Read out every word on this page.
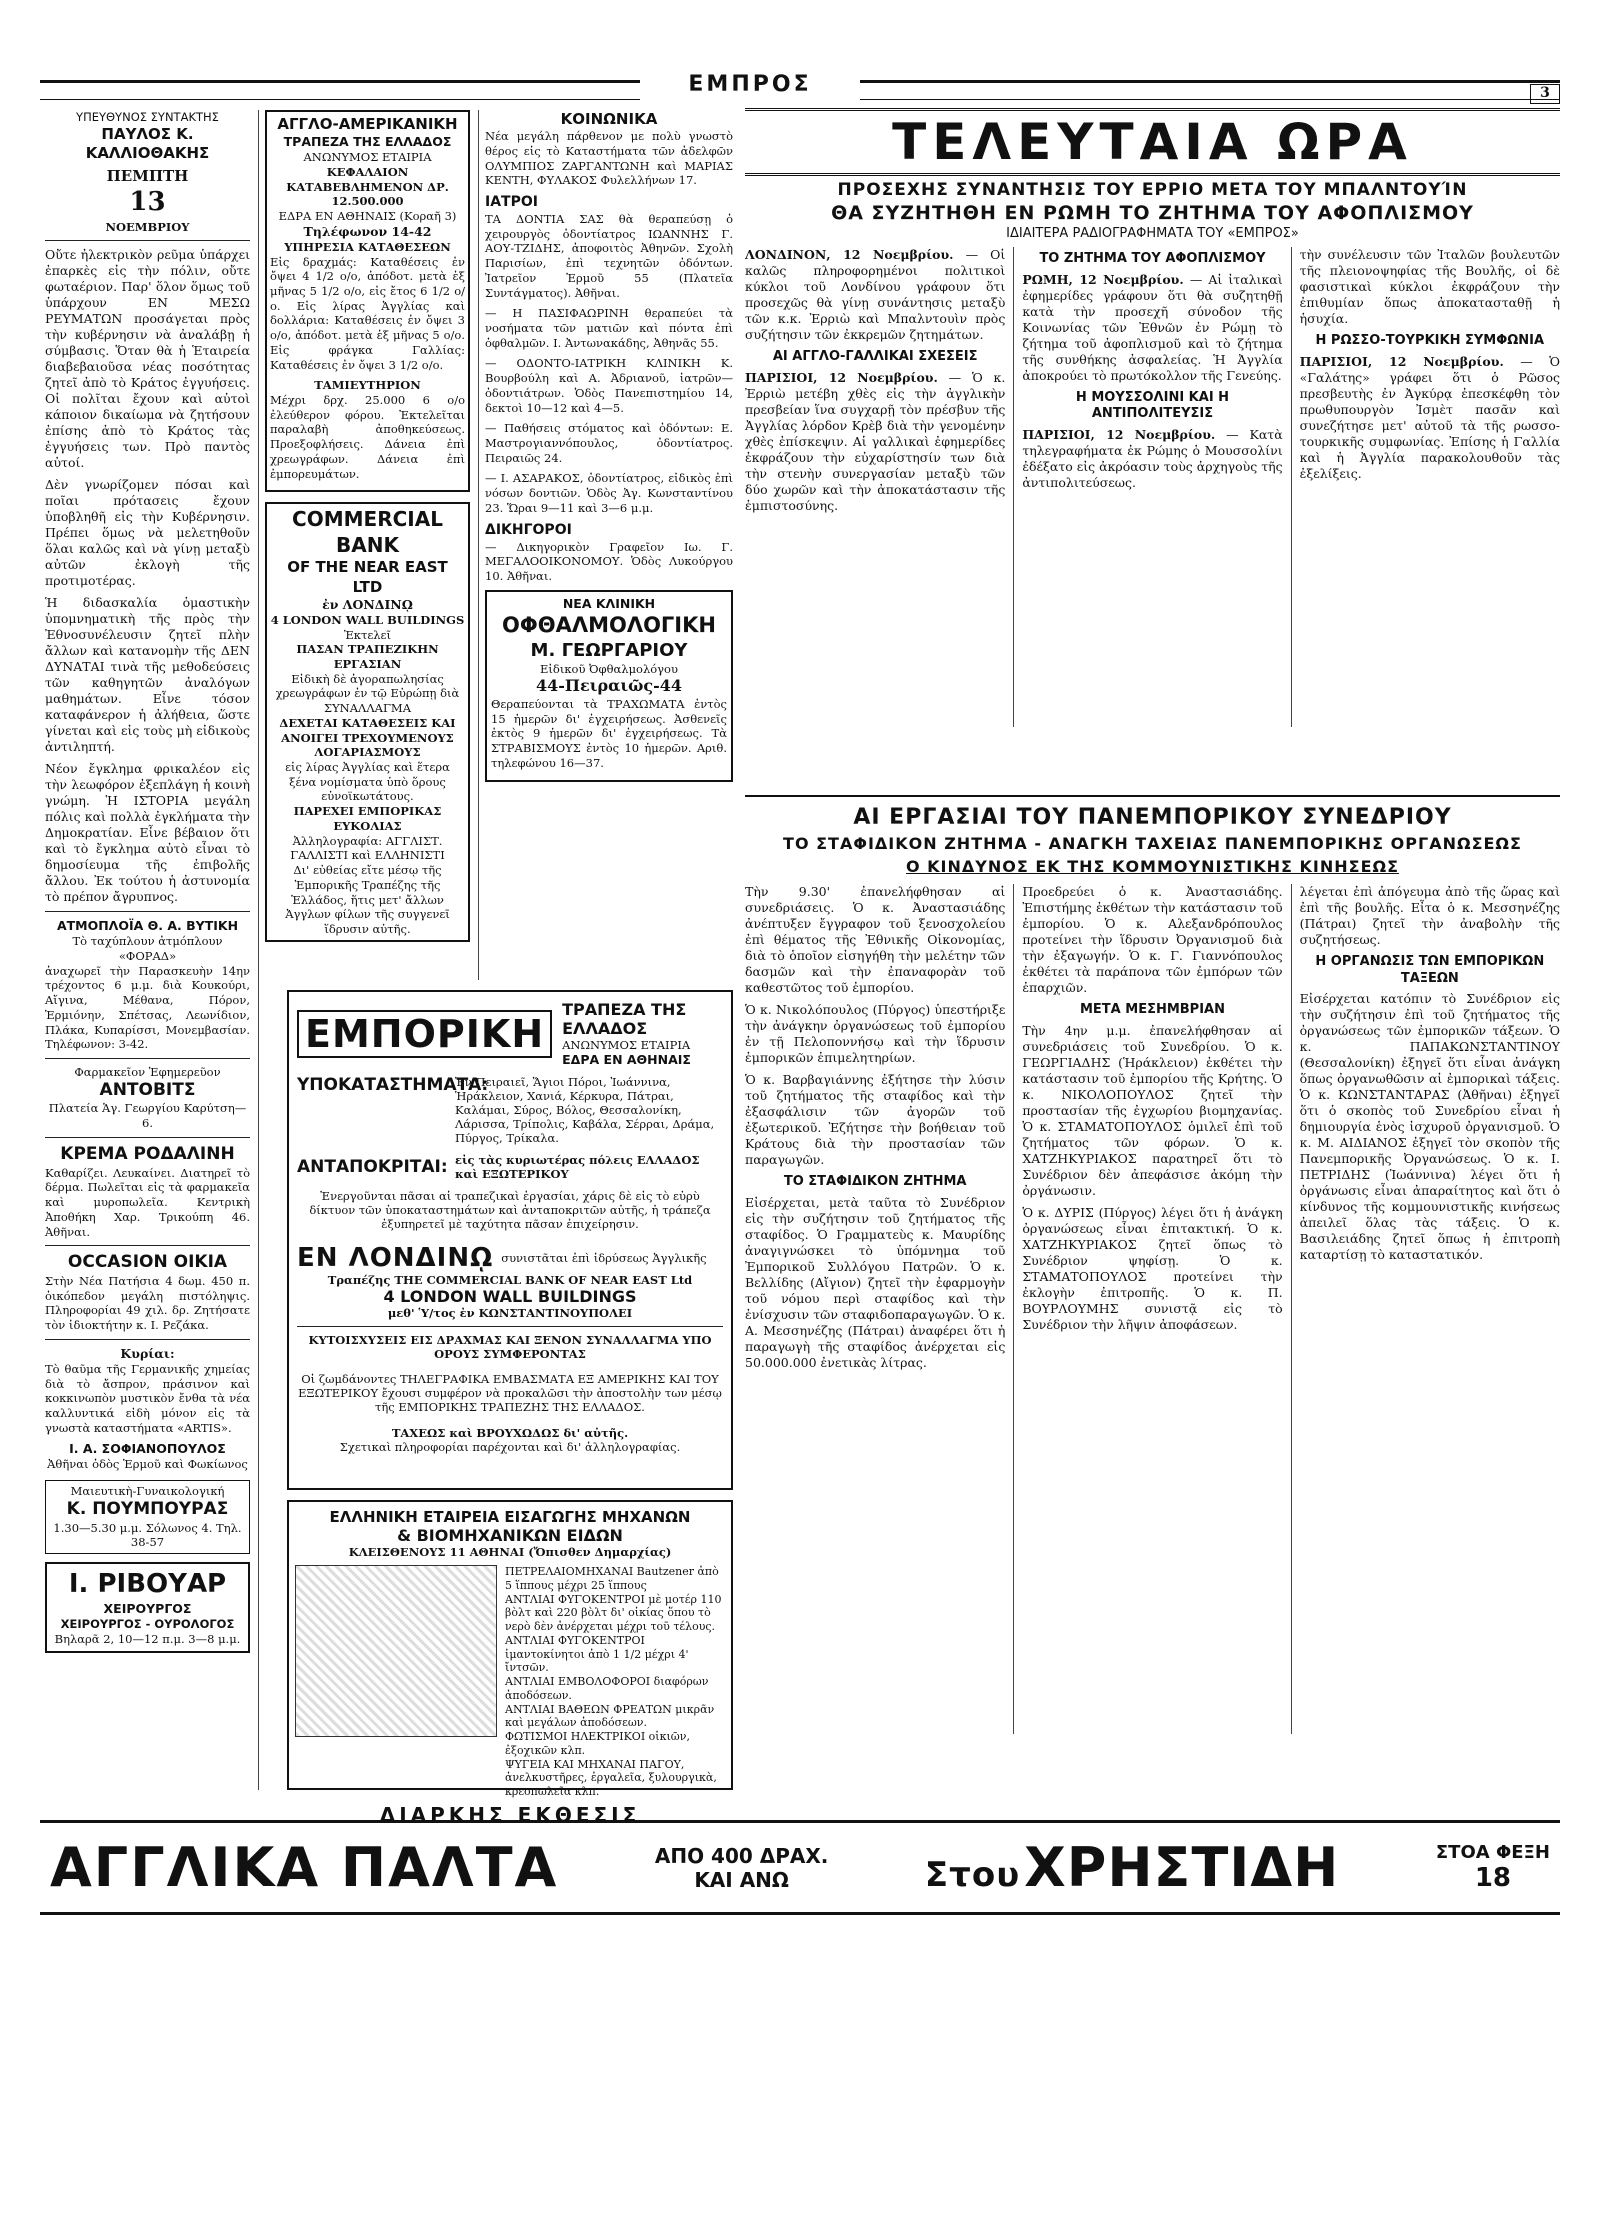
ΕΜΠΡΟΣ	3
ΥΠΕΥΘΥΝΟΣ ΣΥΝΤΑΚΤΗΣ
ΠΑΥΛΟΣ Κ. ΚΑΛΛΙΟΘΑΚΗΣ
ΠΕΜΠΤΗ
13
ΝΟΕΜΒΡΙΟΥ

Οὔτε ἠλεκτρικὸν ρεῦμα ὑπάρχει ἐπαρκὲς εἰς τὴν πόλιν, οὔτε φωταέριον. Παρ' ὅλον ὅμως τοῦ ὑπάρχουν ΕΝ ΜΕΣΩ ΡΕΥΜΑΤΩΝ προσάγεται πρὸς τὴν κυβέρνησιν νὰ ἀναλάβῃ ἡ σύμβασις. Ὅταν θὰ ἡ Ἑταιρεία διαβεβαιοῦσα νέας ποσότητας ζητεῖ ἀπὸ τὸ Κράτος ἐγγυήσεις. Οἱ πολῖται ἔχουν καὶ αὐτοὶ κάποιον δικαίωμα νὰ ζητήσουν ἐπίσης ἀπὸ τὸ Κράτος τὰς ἐγγυήσεις των. Πρὸ παντὸς αὐτοί.

Δὲν γνωρίζομεν πόσαι καὶ ποῖαι πρότασεις ἔχουν ὑποβληθῆ εἰς τὴν Κυβέρνησιν. Πρέπει ὅμως νὰ μελετηθοῦν ὅλαι καλῶς καὶ νὰ γίνῃ μεταξὺ αὐτῶν ἐκλογὴ τῆς προτιμοτέρας.

Ἡ διδασκαλία ὁμαστικὴν ὑπομνηματικὴ τῆς πρὸς τὴν Ἐθνοσυνέλευσιν ζητεῖ πλὴν ἄλλων καὶ κατανομὴν τῆς ΔΕΝ ΔΥΝΑΤΑΙ τινὰ τῆς μεθοδεύσεις τῶν καθηγητῶν ἀναλόγων μαθημάτων. Εἶνε τόσον καταφάνερον ἡ ἀλήθεια, ὥστε γίνεται καὶ εἰς τοὺς μὴ εἰδικοὺς ἀντιληπτή.

Νέον ἔγκλημα φρικαλέον εἰς τὴν λεωφόρον ἐξεπλάγη ἡ κοινὴ γνώμη. Ἡ ΙΣΤΟΡΙΑ μεγάλη πόλις καὶ πολλὰ ἐγκλήματα τὴν Δημοκρατίαν. Εἶνε βέβαιον ὅτι καὶ τὸ ἔγκλημα αὐτὸ εἶναι τὸ δημοσίευμα τῆς ἐπιβολῆς ἄλλου. Ἐκ τούτου ἡ ἀστυνομία τὸ πρέπον ἄγρυπνος.

ΑΤΜΟΠΛΟΪΑ Θ. Α. ΒΥΤΙΚΗ
Τὸ ταχύπλουν ἀτμόπλουν «ΦΟΡΑΔ»

ἀναχωρεῖ τὴν Παρασκευὴν 14ην τρέχοντος 6 μ.μ. διὰ Κουκούρι, Αἴγινα, Μέθανα, Πόρον, Ἑρμιόνην, Σπέτσας, Λεωνίδιον, Πλάκα, Κυπαρίσσι, Μονεμβασίαν. Τηλέφωνον: 3-42.

Φαρμακεῖον Ἐφημερεῦον
ΑΝΤΟΒΙΤΣ
Πλατεία Ἁγ. Γεωργίου Καρύτση—6.
ΚΡΕΜΑ ΡΟΔΑΛΙΝΗ

Καθαρίζει. Λευκαίνει. Διατηρεῖ τὸ δέρμα. Πωλεῖται εἰς τὰ φαρμακεῖα καὶ μυροπωλεῖα. Κεντρικὴ Ἀποθήκη Χαρ. Τρικούπη 46. Ἀθῆναι.

OCCASION ΟΙΚΙΑ

Στὴν Νέα Πατήσια 4 δωμ. 450 π. ὀικόπεδον μεγάλη πιστόληψις. Πληροφορίαι 49 χιλ. δρ. Ζητήσατε τὸν ἰδιοκτήτην κ. Ι. Ρεζάκα.

Κυρίαι:

Τὸ θαῦμα τῆς Γερμανικῆς χημείας διὰ τὸ ἄσπρον, πράσινον καὶ κοκκινωπὸν μυστικὸν ἔνθα τὰ νέα καλλυντικά εἰδὴ μόνον εἰς τὰ γνωστὰ καταστήματα «ARTIS».

Ι. Α. ΣΟΦΙΑΝΟΠΟΥΛΟΣ
Ἀθῆναι ὁδὸς Ἑρμοῦ καὶ Φωκίωνος
Μαιευτικὴ-Γυναικολογική
Κ. ΠΟΥΜΠΟΥΡΑΣ
1.30—5.30 μ.μ. Σόλωνος 4. Τηλ. 38-57
Ι. ΡΙΒΟΥΑΡ
ΧΕΙΡΟΥΡΓΟΣ
ΧΕΙΡΟΥΡΓΟΣ - ΟΥΡΟΛΟΓΟΣ
Βηλαρᾶ 2, 10—12 π.μ. 3—8 μ.μ.
ΑΓΓΛΟ-ΑΜΕΡΙΚΑΝΙΚΗ
ΤΡΑΠΕΖΑ ΤΗΣ ΕΛΛΑΔΟΣ
ΑΝΩΝΥΜΟΣ ΕΤΑΙΡΙΑ
ΚΕΦΑΛΑΙΟΝ ΚΑΤΑΒΕΒΛΗΜΕΝΟΝ ΔΡ. 12.500.000
ΕΔΡΑ ΕΝ ΑΘΗΝΑΙΣ (Κοραῆ 3)
Τηλέφωνον 14-42
ΥΠΗΡΕΣΙΑ ΚΑΤΑΘΕΣΕΩΝ

Εἰς δραχμάς: Καταθέσεις ἐν ὄψει 4 1/2 ο/ο, ἀπόδοτ. μετὰ ἑξ μῆνας 5 1/2 ο/ο, εἰς ἔτος 6 1/2 ο/ο. Εἰς λίρας Ἀγγλίας καὶ δολλάρια: Καταθέσεις ἐν ὄψει 3 ο/ο, ἀπόδοτ. μετὰ ἑξ μῆνας 5 ο/ο. Εἰς φράγκα Γαλλίας: Καταθέσεις ἐν ὄψει 3 1/2 ο/ο.

ΤΑΜΙΕΥΤΗΡΙΟΝ

Μέχρι δρχ. 25.000 6 ο/ο ἐλεύθερον φόρου. Ἐκτελεῖται παραλαβὴ ἀποθηκεύσεως. Προεξοφλήσεις. Δάνεια ἐπὶ χρεωγράφων. Δάνεια ἐπὶ ἐμπορευμάτων.

COMMERCIAL BANK
OF THE NEAR EAST LTD
ἐν ΛΟΝΔΙΝῼ
4 LONDON WALL BUILDINGS
Ἐκτελεῖ
ΠΑΣΑΝ ΤΡΑΠΕΖΙΚΗΝ ΕΡΓΑΣΙΑΝ
Εἰδικὴ δὲ ἀγοραπωλησίας χρεωγράφων ἐν τῷ Εὐρώπῃ διὰ ΣΥΝΑΛΛΑΓΜΑ
ΔΕΧΕΤΑΙ ΚΑΤΑΘΕΣΕΙΣ ΚΑΙ ΑΝΟΙΓΕΙ ΤΡΕΧΟΥΜΕΝΟΥΣ ΛΟΓΑΡΙΑΣΜΟΥΣ
εἰς λίρας Ἀγγλίας καὶ ἕτερα ξένα νομίσματα ὑπὸ ὅρους εὐνοϊκωτάτους.
ΠΑΡΕΧΕΙ ΕΜΠΟΡΙΚΑΣ ΕΥΚΟΛΙΑΣ
Ἀλληλογραφία: ΑΓΓΛΙΣΤ. ΓΑΛΛΙΣΤΙ καὶ ΕΛΛΗΝΙΣΤΙ
Δι' εὐθείας εἴτε μέσῳ τῆς Ἐμπορικῆς Τραπέζης τῆς Ἑλλάδος, ἥτις μετ' ἄλλων Ἀγγλων φίλων τῆς συγγενεῖ ἵδρυσιν αὐτῆς.
ΚΟΙΝΩΝΙΚΑ

Νέα μεγάλη πάρθενον με πολὺ γνωστὸ θέρος εἰς τὸ Καταστήματα τῶν ἀδελφῶν ΟΛΥΜΠΙΟΣ ΖΑΡΓΑΝΤΩΝΗ καὶ ΜΑΡΙΑΣ ΚΕΝΤΗ, ΦΥΛΑΚΟΣ Φυλελλήνων 17.

ΙΑΤΡΟΙ

ΤΑ ΔΟΝΤΙΑ ΣΑΣ θὰ θεραπεύσῃ ὁ χειρουργὸς ὀδοντίατρος ΙΩΑΝΝΗΣ Γ. ΑΟΥ-ΤΖΙΔΗΣ, ἀποφοιτὸς Ἀθηνῶν. Σχολὴ Παρισίων, ἐπὶ τεχνητῶν ὀδόντων. Ἰατρεῖον Ἑρμοῦ 55 (Πλατεῖα Συντάγματος). Ἀθῆναι.

— Η ΠΑΣΙΦΑΩΡΙΝΗ θεραπεύει τὰ νοσήματα τῶν ματιῶν καὶ πόντα ἐπὶ ὀφθαλμῶν. Ι. Ἀντωνακάδης, Ἀθηνᾶς 55.

— ΟΔΟΝΤΟ-ΙΑΤΡΙΚΗ ΚΛΙΝΙΚΗ Κ. Βουρβούλη καὶ Α. Ἀδριανοῦ, ἰατρῶν—ὀδοντιάτρων. Ὁδὸς Πανεπιστημίου 14, δεκτοὶ 10—12 καὶ 4—5.

— Παθήσεις στόματος καὶ ὀδόντων: Ε. Μαστρογιαννόπουλος, ὀδοντίατρος. Πειραιῶς 24.

— Ι. ΑΣΑΡΑΚΟΣ, ὀδοντίατρος, εἰδικὸς ἐπὶ νόσων δοντιῶν. Ὁδὸς Ἀγ. Κωνσταντίνου 23. Ὥραι 9—11 καὶ 3—6 μ.μ.

ΔΙΚΗΓΟΡΟΙ

— Δικηγορικὸν Γραφεῖον Ιω. Γ. ΜΕΓΑΛΟΟΙΚΟΝΟΜΟΥ. Ὁδὸς Λυκούργου 10. Ἀθῆναι.

ΝΕΑ ΚΛΙΝΙΚΗ
ΟΦΘΑΛΜΟΛΟΓΙΚΗ
Μ. ΓΕΩΡΓΑΡΙΟΥ
Εἰδικοῦ Ὀφθαλμολόγου
44-Πειραιῶς-44

Θεραπεύονται τὰ ΤΡΑΧΩΜΑΤΑ ἐντὸς 15 ἡμερῶν δι' ἐγχειρήσεως. Ἀσθενεῖς ἐκτὸς 9 ἡμερῶν δι' ἐγχειρήσεως. Τὰ ΣΤΡΑΒΙΣΜΟΥΣ ἐντὸς 10 ἡμερῶν. Αριθ. τηλεφώνου 16—37.

ΕΜΠΟΡΙΚΗ
ΤΡΑΠΕΖΑ ΤΗΣ ΕΛΛΑΔΟΣ
ΑΝΩΝΥΜΟΣ ΕΤΑΙΡΙΑ
ΕΔΡΑ ΕΝ ΑΘΗΝΑΙΣ
ΥΠΟΚΑΤΑΣΤΗΜΑΤΑ:
Ἐν Πειραιεῖ, Ἅγιοι Πόροι, Ἰωάννινα, Ἡράκλειον, Χανιά, Κέρκυρα, Πάτραι, Καλάμαι, Σύρος, Βόλος, Θεσσαλονίκη, Λάρισσα, Τρίπολις, Καβάλα, Σέρραι, Δράμα, Πύργος, Τρίκαλα.
ΑΝΤΑΠΟΚΡΙΤΑΙ: εἰς τὰς κυριωτέρας πόλεις ΕΛΛΑΔΟΣ καὶ ΕΞΩΤΕΡΙΚΟΥ

Ἐνεργοῦνται πᾶσαι αἱ τραπεζικαὶ ἐργασίαι, χάρις δὲ εἰς τὸ εὐρὺ δίκτυον τῶν ὑποκαταστημάτων καὶ ἀνταποκριτῶν αὐτῆς, ἡ τράπεζα ἐξυπηρετεῖ μὲ ταχύτητα πᾶσαν ἐπιχείρησιν.

ΕΝ ΛΟΝΔΙΝῼ συνιστᾶται ἐπὶ ἰδρύσεως Ἀγγλικῆς
Τραπέζης THE COMMERCIAL BANK OF NEAR EAST Ltd
4 LONDON WALL BUILDINGS
μεθ' Ὑ/τος ἐν ΚΩΝΣΤΑΝΤΙΝΟΥΠΟΛΕΙ
ΚΥΤΟΙΣΧΥΣΕΙΣ ΕΙΣ ΔΡΑΧΜΑΣ ΚΑΙ ΞΕΝΟΝ ΣΥΝΑΛΛΑΓΜΑ ΥΠΟ ΟΡΟΥΣ ΣΥΜΦΕΡΟΝΤΑΣ

Οἱ ζωμδάνοντες ΤΗΛΕΓΡΑΦΙΚΑ ΕΜΒΑΣΜΑΤΑ ΕΞ ΑΜΕΡΙΚΗΣ ΚΑΙ ΤΟΥ ΕΞΩΤΕΡΙΚΟΥ ἔχουσι συμφέρον νὰ προκαλῶσι τὴν ἀποστολὴν των μέσῳ τῆς ΕΜΠΟΡΙΚΗΣ ΤΡΑΠΕΖΗΣ ΤΗΣ ΕΛΛΑΔΟΣ.

ΤΑΧΕΩΣ καὶ ΒΡΟΥΧΩΔΩΣ δι' αὐτῆς.
Σχετικαὶ πληροφορίαι παρέχονται καὶ δι' ἀλληλογραφίας.
ΕΛΛΗΝΙΚΗ ΕΤΑΙΡΕΙΑ ΕΙΣΑΓΩΓΗΣ ΜΗΧΑΝΩΝ
& ΒΙΟΜΗΧΑΝΙΚΩΝ ΕΙΔΩΝ
ΚΛΕΙΣΘΕΝΟΥΣ 11 ΑΘΗΝΑΙ (Ὄπισθεν Δημαρχίας)
ΠΕΤΡΕΛΑΙΟΜΗΧΑΝΑΙ Bautzener ἀπὸ 5 ἵππους μέχρι 25 ἵππους
ΑΝΤΛΙΑΙ ΦΥΓΟΚΕΝΤΡΟΙ μὲ μοτέρ 110 βὸλτ καὶ 220 βὸλτ δι' οἰκίας ὅπου τὸ νερὸ δὲν ἀνέρχεται μέχρι τοῦ τέλους.
ΑΝΤΛΙΑΙ ΦΥΓΟΚΕΝΤΡΟΙ ἱμαντοκίνητοι ἀπὸ 1 1/2 μέχρι 4' ἴντσῶν.
ΑΝΤΛΙΑΙ ΕΜΒΟΛΟΦΟΡΟΙ διαφόρων ἀποδόσεων.
ΑΝΤΛΙΑΙ ΒΑΘΕΩΝ ΦΡΕΑΤΩΝ μικρᾶν καὶ μεγάλων ἀποδόσεων.
ΦΩΤΙΣΜΟΙ ΗΛΕΚΤΡΙΚΟΙ οἰκιῶν, ἐξοχικῶν κλπ.
ΨΥΓΕΙΑ ΚΑΙ ΜΗΧΑΝΑΙ ΠΑΓΟΥ, ἀνελκυστῆρες, ἐργαλεῖα, ξυλουργικὰ, κρεοπωλεῖα κλπ.
ΔΙΑΡΚΗΣ ΕΚΘΕΣΙΣ
ΤΕΛΕΥΤΑΙΑ ΩΡΑ
ΠΡΟΣΕΧΗΣ ΣΥΝΑΝΤΗΣΙΣ ΤΟΥ ΕΡΡΙΟ ΜΕΤΑ ΤΟΥ ΜΠΑΛΝΤΟΥΊΝ
ΘΑ ΣΥΖΗΤΗΘΗ ΕΝ ΡΩΜΗ ΤΟ ΖΗΤΗΜΑ ΤΟΥ ΑΦΟΠΛΙΣΜΟΥ
ΙΔΙΑΙΤΕΡΑ ΡΑΔΙΟΓΡΑΦΗΜΑΤΑ ΤΟΥ «ΕΜΠΡΟΣ»

ΛΟΝΔΙΝΟΝ, 12 Νοεμβρίου. — Οἱ καλῶς πληροφορημένοι πολιτικοὶ κύκλοι τοῦ Λονδίνου γράφουν ὅτι προσεχῶς θὰ γίνῃ συνάντησις μεταξὺ τῶν κ.κ. Ἐρριὼ καὶ Μπαλντουὶν πρὸς συζήτησιν τῶν ἐκκρεμῶν ζητημάτων.

ΑΙ ΑΓΓΛΟ-ΓΑΛΛΙΚΑΙ ΣΧΕΣΕΙΣ

ΠΑΡΙΣΙΟΙ, 12 Νοεμβρίου. — Ὁ κ. Ἐρριὼ μετέβη χθὲς εἰς τὴν ἀγγλικὴν πρεσβείαν ἵνα συγχαρῇ τὸν πρέσβυν τῆς Ἀγγλίας λόρδον Κρὲβ διὰ τὴν γενομένην χθὲς ἐπίσκεψιν. Αἱ γαλλικαὶ ἐφημερίδες ἐκφράζουν τὴν εὐχαρίστησίν των διὰ τὴν στενὴν συνεργασίαν μεταξὺ τῶν δύο χωρῶν καὶ τὴν ἀποκατάστασιν τῆς ἐμπιστοσύνης.

ΤΟ ΖΗΤΗΜΑ ΤΟΥ ΑΦΟΠΛΙΣΜΟΥ

ΡΩΜΗ, 12 Νοεμβρίου. — Αἱ ἰταλικαὶ ἐφημερίδες γράφουν ὅτι θὰ συζητηθῇ κατὰ τὴν προσεχῆ σύνοδον τῆς Κοινωνίας τῶν Ἐθνῶν ἐν Ρώμῃ τὸ ζήτημα τοῦ ἀφοπλισμοῦ καὶ τὸ ζήτημα τῆς συνθήκης ἀσφαλείας. Ἡ Ἀγγλία ἀποκρούει τὸ πρωτόκολλον τῆς Γενεύης.

Η ΜΟΥΣΣΟΛΙΝΙ ΚΑΙ Η ΑΝΤΙΠΟΛΙΤΕΥΣΙΣ

ΠΑΡΙΣΙΟΙ, 12 Νοεμβρίου. — Κατὰ τηλεγραφήματα ἐκ Ρώμης ὁ Μουσσολίνι ἐδέξατο εἰς ἀκρόασιν τοὺς ἀρχηγοὺς τῆς ἀντιπολιτεύσεως.

τὴν συνέλευσιν τῶν Ἰταλῶν βουλευτῶν τῆς πλειονοψηφίας τῆς Βουλῆς, οἱ δὲ φασιστικαὶ κύκλοι ἐκφράζουν τὴν ἐπιθυμίαν ὅπως ἀποκατασταθῇ ἡ ἡσυχία.

Η ΡΩΣΣΟ-ΤΟΥΡΚΙΚΗ ΣΥΜΦΩΝΙΑ

ΠΑΡΙΣΙΟΙ, 12 Νοεμβρίου. — Ὁ «Γαλάτης» γράφει ὅτι ὁ Ρῶσος πρεσβευτὴς ἐν Ἀγκύρᾳ ἐπεσκέφθη τὸν πρωθυπουργὸν Ἰσμὲτ πασᾶν καὶ συνεζήτησε μετ' αὐτοῦ τὰ τῆς ρωσσο-τουρκικῆς συμφωνίας. Ἐπίσης ἡ Γαλλία καὶ ἡ Ἀγγλία παρακολουθοῦν τὰς ἐξελίξεις.

ΑΙ ΕΡΓΑΣΙΑΙ ΤΟΥ ΠΑΝΕΜΠΟΡΙΚΟΥ ΣΥΝΕΔΡΙΟΥ
ΤΟ ΣΤΑΦΙΔΙΚΟΝ ΖΗΤΗΜΑ - ΑΝΑΓΚΗ ΤΑΧΕΙΑΣ ΠΑΝΕΜΠΟΡΙΚΗΣ ΟΡΓΑΝΩΣΕΩΣ
Ο ΚΙΝΔΥΝΟΣ ΕΚ ΤΗΣ ΚΟΜΜΟΥΝΙΣΤΙΚΗΣ ΚΙΝΗΣΕΩΣ

Τὴν 9.30' ἐπανελήφθησαν αἱ συνεδριάσεις. Ὁ κ. Ἀναστασιάδης ἀνέπτυξεν ἔγγραφον τοῦ ξενοσχολείου ἐπὶ θέματος τῆς Ἐθνικῆς Οἰκονομίας, διὰ τὸ ὁποῖον εἰσηγήθη τὴν μελέτην τῶν δασμῶν καὶ τὴν ἐπαναφορὰν τοῦ καθεστῶτος τοῦ ἐμπορίου.

Ὁ κ. Νικολόπουλος (Πύργος) ὑπεστήριξε τὴν ἀνάγκην ὀργανώσεως τοῦ ἐμπορίου ἐν τῇ Πελοποννήσῳ καὶ τὴν ἵδρυσιν ἐμπορικῶν ἐπιμελητηρίων.

Ὁ κ. Βαρβαγιάννης ἐξήτησε τὴν λύσιν τοῦ ζητήματος τῆς σταφίδος καὶ τὴν ἐξασφάλισιν τῶν ἀγορῶν τοῦ ἐξωτερικοῦ. Ἐζήτησε τὴν βοήθειαν τοῦ Κράτους διὰ τὴν προστασίαν τῶν παραγωγῶν.

ΤΟ ΣΤΑΦΙΔΙΚΟΝ ΖΗΤΗΜΑ

Εἰσέρχεται, μετὰ ταῦτα τὸ Συνέδριον εἰς τὴν συζήτησιν τοῦ ζητήματος τῆς σταφίδος. Ὁ Γραμματεὺς κ. Μαυρίδης ἀναγιγνώσκει τὸ ὑπόμνημα τοῦ Ἐμπορικοῦ Συλλόγου Πατρῶν. Ὁ κ. Βελλίδης (Αἴγιον) ζητεῖ τὴν ἐφαρμογὴν τοῦ νόμου περὶ σταφίδος καὶ τὴν ἐνίσχυσιν τῶν σταφιδοπαραγωγῶν. Ὁ κ. Α. Μεσσηνέζης (Πάτραι) ἀναφέρει ὅτι ἡ παραγωγὴ τῆς σταφίδος ἀνέρχεται εἰς 50.000.000 ἐνετικὰς λίτρας.

Προεδρεύει ὁ κ. Ἀναστασιάδης. Ἐπιστήμης ἐκθέτων τὴν κατάστασιν τοῦ ἐμπορίου. Ὁ κ. Αλεξανδρόπουλος προτείνει τὴν ἵδρυσιν Ὀργανισμοῦ διὰ τὴν ἐξαγωγήν. Ὁ κ. Γ. Γιαννόπουλος ἐκθέτει τὰ παράπονα τῶν ἐμπόρων τῶν ἐπαρχιῶν.

ΜΕΤΑ ΜΕΣΗΜΒΡΙΑΝ

Τὴν 4ην μ.μ. ἐπανελήφθησαν αἱ συνεδριάσεις τοῦ Συνεδρίου. Ὁ κ. ΓΕΩΡΓΙΑΔΗΣ (Ἡράκλειον) ἐκθέτει τὴν κατάστασιν τοῦ ἐμπορίου τῆς Κρήτης. Ὁ κ. ΝΙΚΟΛΟΠΟΥΛΟΣ ζητεῖ τὴν προστασίαν τῆς ἐγχωρίου βιομηχανίας. Ὁ κ. ΣΤΑΜΑΤΟΠΟΥΛΟΣ ὁμιλεῖ ἐπὶ τοῦ ζητήματος τῶν φόρων. Ὁ κ. ΧΑΤΖΗΚΥΡΙΑΚΟΣ παρατηρεῖ ὅτι τὸ Συνέδριον δὲν ἀπεφάσισε ἀκόμη τὴν ὀργάνωσιν.

Ὁ κ. ΔΥΡΙΣ (Πύργος) λέγει ὅτι ἡ ἀνάγκη ὀργανώσεως εἶναι ἐπιτακτική. Ὁ κ. ΧΑΤΖΗΚΥΡΙΑΚΟΣ ζητεῖ ὅπως τὸ Συνέδριον ψηφίσῃ. Ὁ κ. ΣΤΑΜΑΤΟΠΟΥΛΟΣ προτείνει τὴν ἐκλογὴν ἐπιτροπῆς. Ὁ κ. Π. ΒΟΥΡΛΟΥΜΗΣ συνιστᾷ εἰς τὸ Συνέδριον τὴν λῆψιν ἀποφάσεων.

λέγεται ἐπὶ ἀπόγευμα ἀπὸ τῆς ὥρας καὶ ἐπὶ τῆς βουλῆς. Εἶτα ὁ κ. Μεσσηνέζης (Πάτραι) ζητεῖ τὴν ἀναβολὴν τῆς συζητήσεως.

Η ΟΡΓΑΝΩΣΙΣ ΤΩΝ ΕΜΠΟΡΙΚΩΝ ΤΑΞΕΩΝ

Εἰσέρχεται κατόπιν τὸ Συνέδριον εἰς τὴν συζήτησιν ἐπὶ τοῦ ζητήματος τῆς ὀργανώσεως τῶν ἐμπορικῶν τάξεων. Ὁ κ. ΠΑΠΑΚΩΝΣΤΑΝΤΙΝΟΥ (Θεσσαλονίκη) ἐξηγεῖ ὅτι εἶναι ἀνάγκη ὅπως ὀργανωθῶσιν αἱ ἐμπορικαὶ τάξεις. Ὁ κ. ΚΩΝΣΤΑΝΤΑΡΑΣ (Ἀθῆναι) ἐξηγεῖ ὅτι ὁ σκοπὸς τοῦ Συνεδρίου εἶναι ἡ δημιουργία ἑνὸς ἰσχυροῦ ὀργανισμοῦ. Ὁ κ. Μ. ΑΙΔΙΑΝΟΣ ἐξηγεῖ τὸν σκοπὸν τῆς Πανεμπορικῆς Ὀργανώσεως. Ὁ κ. Ι. ΠΕΤΡΙΔΗΣ (Ἰωάννινα) λέγει ὅτι ἡ ὀργάνωσις εἶναι ἀπαραίτητος καὶ ὅτι ὁ κίνδυνος τῆς κομμουνιστικῆς κινήσεως ἀπειλεῖ ὅλας τὰς τάξεις. Ὁ κ. Βασιλειάδης ζητεῖ ὅπως ἡ ἐπιτροπὴ καταρτίσῃ τὸ καταστατικόν.

ΑΓΓΛΙΚΑ ΠΑΛΤΑ	ΑΠΟ 400 ΔΡΑΧ.
ΚΑΙ ΑΝΩ	Στου ΧΡΗΣΤΙΔΗ	ΣΤΟΑ ΦΕΞΗ
18
